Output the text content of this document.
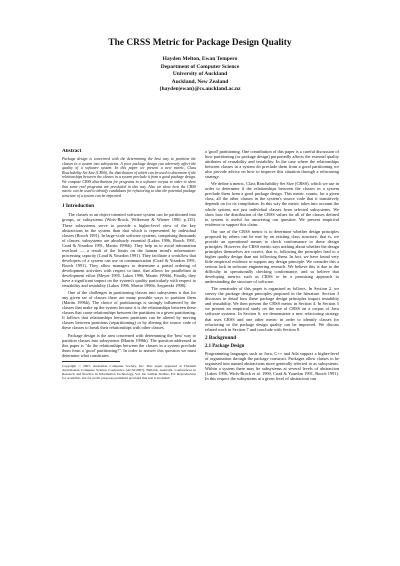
The CRSS Metric for Package Design Quality
Hayden Melton, Ewan Tempero
Department of Computer Science
University of Auckland
Auckland, New Zealand
{hayden|ewan}@cs.auckland.ac.nz
Abstract
Package design is concerned with the determining the best way to partition the classes in a system into subsystems. A poor package design can adversely affect the quality of a software system. In this paper we present a new metric, Class Reachability Set Size (CRSS), the distribution of which can be used to determine if the relationships between the classes in a system preclude it from a good package design. We compute CRSS distributions for programs in a software corpus in order to show that some real programs are precluded in this way. Also we show how the CRSS metric can be used to identify candidates for refactoring so that the potential package structure of a system can be improved.
1 Introduction

The classes in an object-oriented software system can be partitioned into groups, or subsystems (Wirfs-Brock, Wilkerson & Wiener 1990, p.135). These subsystems serve to provide a higher-level view of the key abstractions in the system than that which is represented by individual classes (Booch 1991). In large-scale software systems, comprising thousands of classes, subsystems are absolutely essential (Lakos 1996, Booch 1991, Coad & Yourdon 1991, Martin 1996b). They help us to avoid information overload — a result of the limits on the human mind's information-processing capacity (Coad & Yourdon 1991). They facilitate a workflow that developers of a system can use in communication (Coad & Yourdon 1991, Booch 1991). They allow managers to determine a partial ordering of development activities with respect to time, that allows for parallelism in development effort (Meyer 1995, Lakos 1996, Martin 1996b). Finally, they have a significant impact on the system's quality particularly with respect to reusability and testability (Lakos 1996, Martin 1996b, Szyperski 1998).

One of the challenges in partitioning classes into subsystems is that for any given set of classes there are many possible ways to partition them (Martin 1996b). The choice of partitionings is strongly influenced by the classes that make up the system because it is the relationships between these classes that cause relationships between the partitions in a given partitioning. It follows that relationships between partitions can be altered by moving classes between partitions (repartitioning) or by altering the source code of these classes to break their relationships with other classes.

Package design is the area concerned with determining the 'best' way to partition classes into subsystems (Martin 1996b). The question addressed in this paper is "do the relationships between the classes in a system preclude them from a 'good' partitioning?". In order to answer this question we must determine what constitutes

Copyright © 2007, Australian Computer Society, Inc. This paper appeared at Thirtieth Australasian Computer Science Conference (ACSC2007), Ballarat, Australia. Conferences in Research and Practice in Information Technology, Vol. 62. Gillian Dobbie, Ed. Reproduction for academic, not-for profit purposes permitted provided this text is included.

a 'good' partitioning. One contribution of this paper is a careful discussion of how partitioning (or package design) purportedly affects the external quality attributes of reusability and testability. In the case where the relationships between classes in a system do preclude them from a good partitioning we also provide advice on how to improve this situation through a refactoring strategy.

We define a metric, Class Reachability Set Size (CRSS), which we use in order to determine if the relationships between the classes in a system preclude them from a good package design. This metric counts, for a given class, all the other classes in the system's source code that it transitively depends on for its compilation. In this way the metric takes into account the whole system, not just individual classes from selected subsystems. We show how the distribution of the CRSS values for all of the classes defined in system is useful for answering our question. We present empirical evidence to support this claim.

Our use of the CRSS metric is to determine whether design principles proposed by others can be met by an existing class structure, that is, we provide an operational means to check conformance to these design principles. However, the CRSS metric says nothing about whether the design principles themselves are correct, that is, following the principles lead to a higher quality design than not following them. In fact, we have found very little empirical evidence to support any design principle. We consider this a serious lack in software engineering research. We believe this is due to the difficulty in operationally checking conformance, and so believe that developing metrics such as CRSS to be a promising approach to understanding the structure of software.

The remainder of this paper is organised as follows. In Section 2, we survey the package design principles proposed in the literature. Section 3 discusses in detail how these package design principles impact testability and reusability. We then present the CRSS metric in Section 4. In Section 5 we present an empirical study on the use of CRSS on a corpus of Java software systems. In Section 6, we demonstrate a new refactoring strategy that uses CRSS and one other metric in order to identify classes for refactoring so the package design quality can be improved. We discuss related work in Section 7 and conclude with Section 8.

2 Background
2.1 Package Design

Programming languages such as Java, C++ and Ada support a higher-level of organisation through the package construct. Packages allow classes to be organised into named abstractions more generally referred to as subsystems. Within a system there may be subsystems at several levels of abstraction (Lakos 1996, Wirfs-Brock et al. 1990, Coad & Yourdon 1991, Booch 1991). In this respect the subsystems at a given level of abstraction can
